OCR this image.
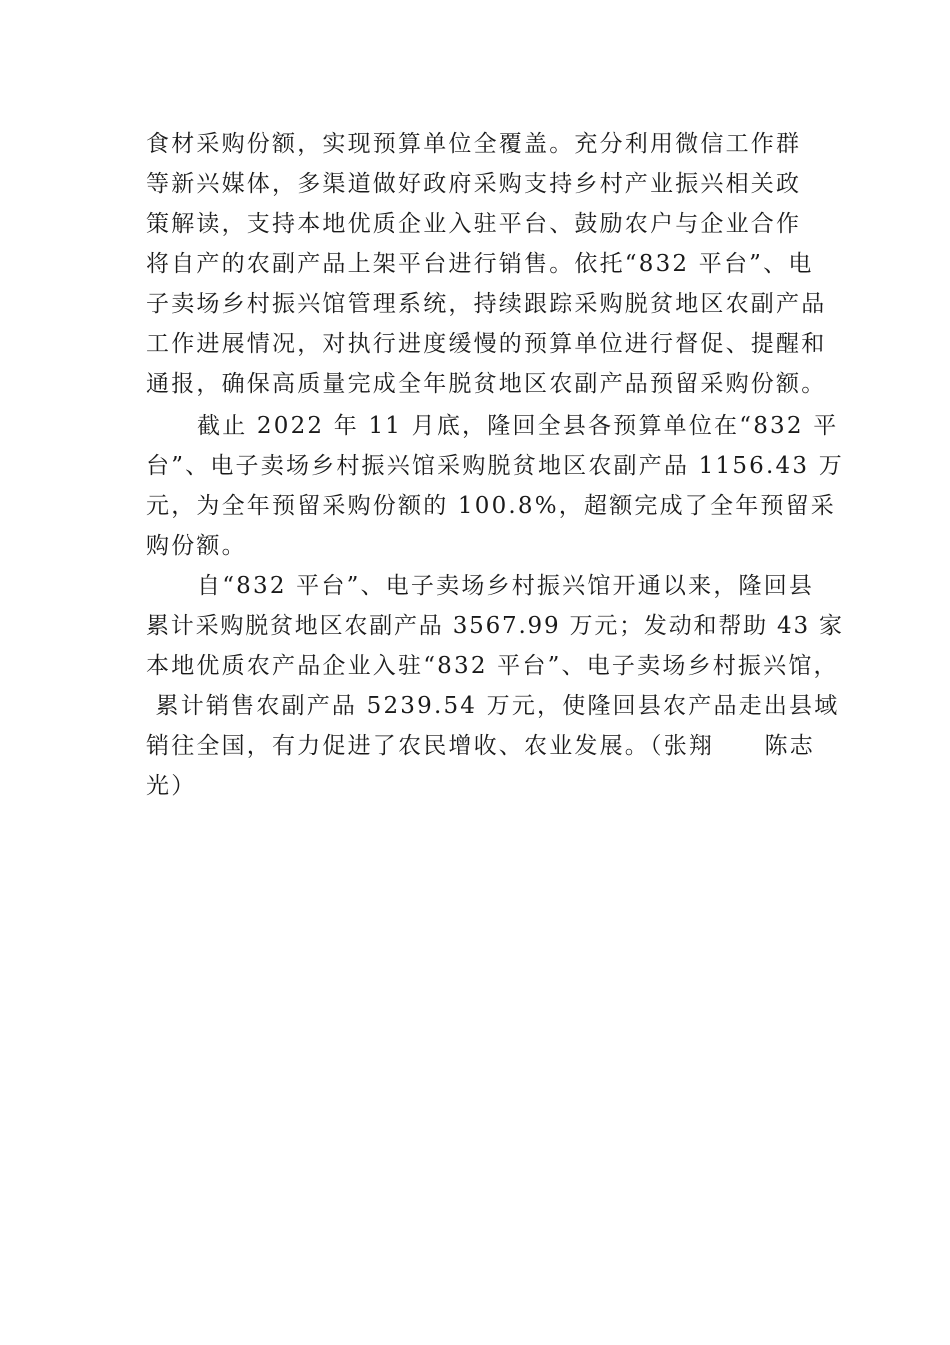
食材采购份额，实现预算单位全覆盖。充分利用微信工作群
等新兴媒体，多渠道做好政府采购支持乡村产业振兴相关政
策解读，支持本地优质企业入驻平台、鼓励农户与企业合作
将自产的农副产品上架平台进行销售。依托“832 平台”、电
子卖场乡村振兴馆管理系统，持续跟踪采购脱贫地区农副产品
工作进展情况，对执行进度缓慢的预算单位进行督促、提醒和
通报，确保高质量完成全年脱贫地区农副产品预留采购份额。
截止 2022 年 11 月底，隆回全县各预算单位在“832 平
台”、电子卖场乡村振兴馆采购脱贫地区农副产品 1156.43 万
元，为全年预留采购份额的 100.8%，超额完成了全年预留采
购份额。
自“832 平台”、电子卖场乡村振兴馆开通以来，隆回县
累计采购脱贫地区农副产品 3567.99 万元；发动和帮助 43 家
本地优质农产品企业入驻“832 平台”、电子卖场乡村振兴馆，
累计销售农副产品 5239.54 万元，使隆回县农产品走出县域
销往全国，有力促进了农民增收、农业发展。（张翔　　陈志
光）
